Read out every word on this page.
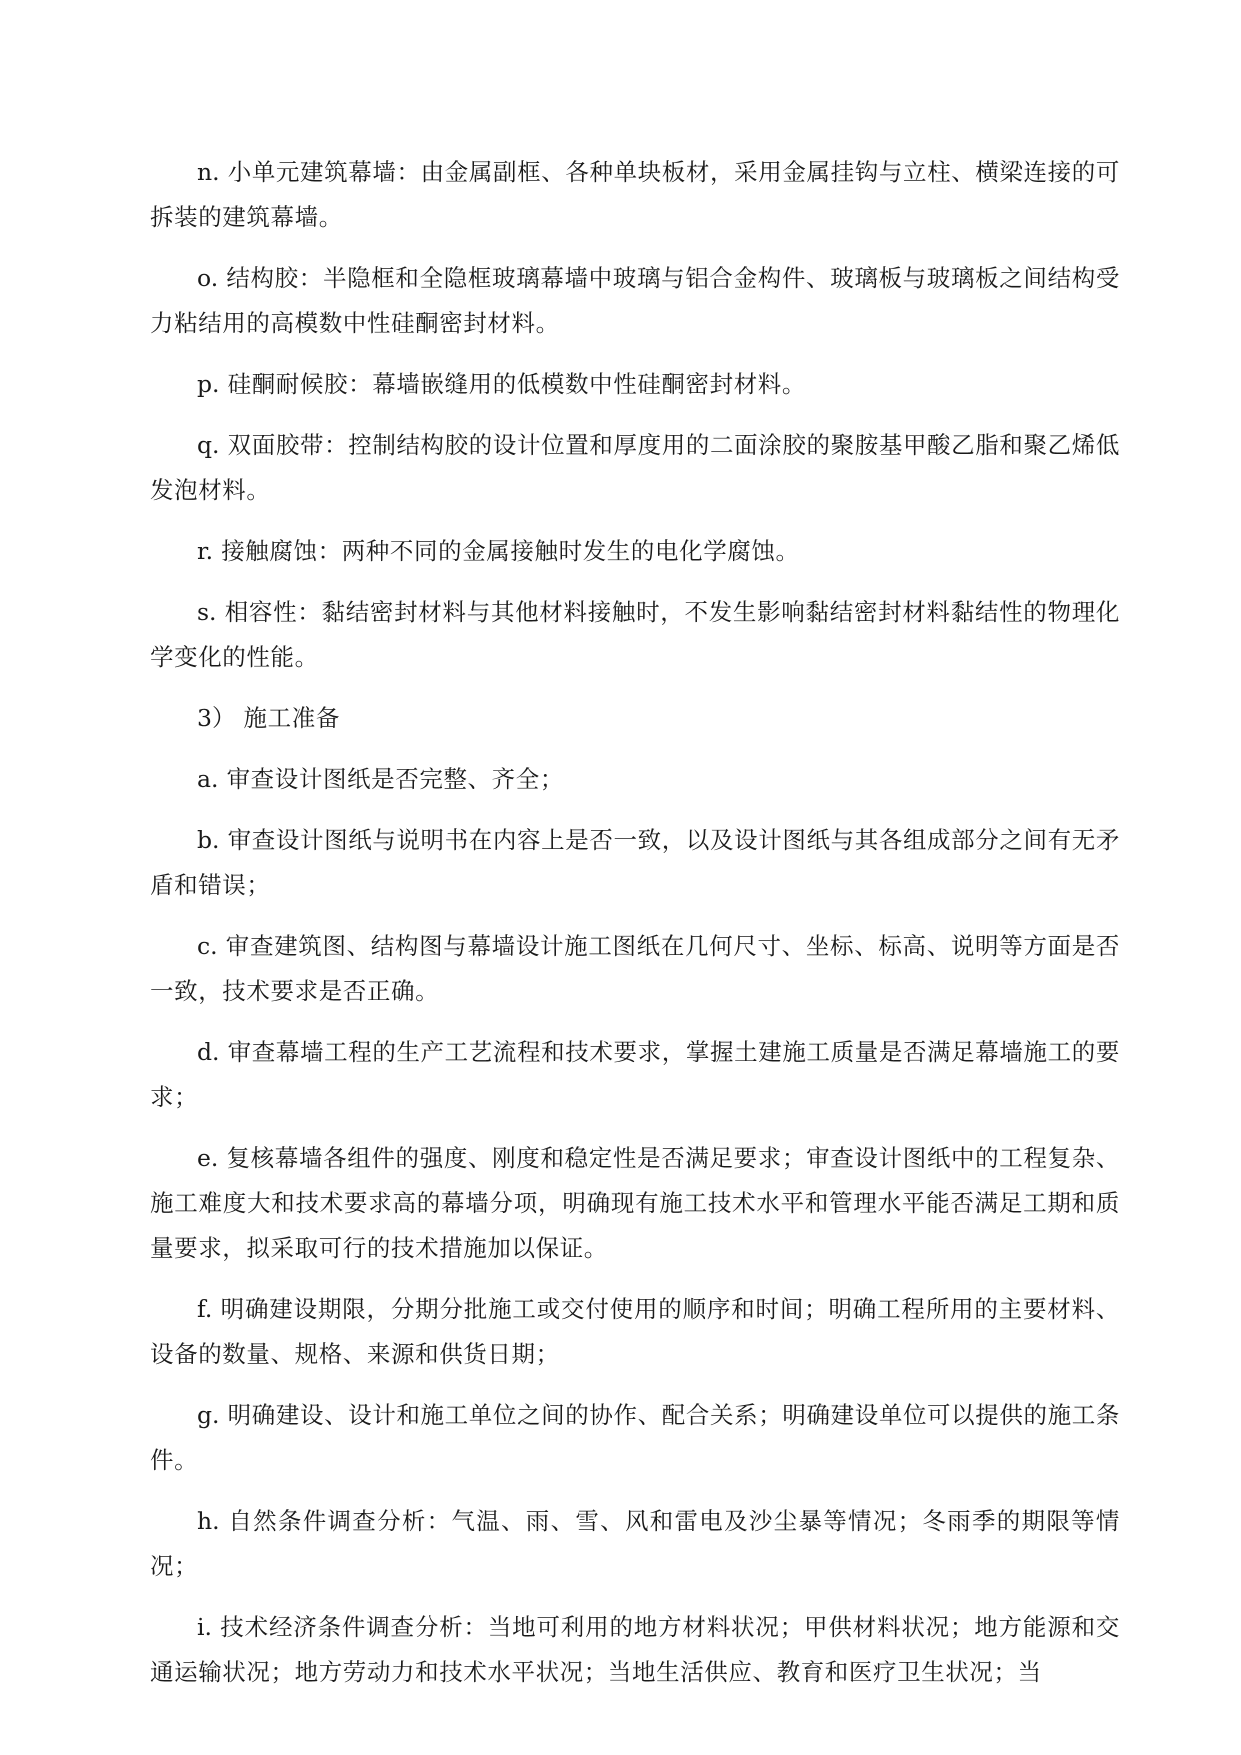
n. 小单元建筑幕墙：由金属副框、各种单块板材，采用金属挂钩与立柱、横梁连接的可拆装的建筑幕墙。

o. 结构胶：半隐框和全隐框玻璃幕墙中玻璃与铝合金构件、玻璃板与玻璃板之间结构受力粘结用的高模数中性硅酮密封材料。

p. 硅酮耐候胶：幕墙嵌缝用的低模数中性硅酮密封材料。

q. 双面胶带：控制结构胶的设计位置和厚度用的二面涂胶的聚胺基甲酸乙脂和聚乙烯低发泡材料。

r. 接触腐蚀：两种不同的金属接触时发生的电化学腐蚀。

s. 相容性：黏结密封材料与其他材料接触时，不发生影响黏结密封材料黏结性的物理化学变化的性能。

3） 施工准备

a. 审查设计图纸是否完整、齐全；

b. 审查设计图纸与说明书在内容上是否一致，以及设计图纸与其各组成部分之间有无矛盾和错误；

c. 审查建筑图、结构图与幕墙设计施工图纸在几何尺寸、坐标、标高、说明等方面是否一致，技术要求是否正确。

d. 审查幕墙工程的生产工艺流程和技术要求，掌握土建施工质量是否满足幕墙施工的要求；

e. 复核幕墙各组件的强度、刚度和稳定性是否满足要求；审查设计图纸中的工程复杂、施工难度大和技术要求高的幕墙分项，明确现有施工技术水平和管理水平能否满足工期和质量要求，拟采取可行的技术措施加以保证。

f. 明确建设期限，分期分批施工或交付使用的顺序和时间；明确工程所用的主要材料、设备的数量、规格、来源和供货日期；

g. 明确建设、设计和施工单位之间的协作、配合关系；明确建设单位可以提供的施工条件。

h. 自然条件调查分析：气温、雨、雪、风和雷电及沙尘暴等情况；冬雨季的期限等情况；

i. 技术经济条件调查分析：当地可利用的地方材料状况；甲供材料状况；地方能源和交通运输状况；地方劳动力和技术水平状况；当地生活供应、教育和医疗卫生状况；当
